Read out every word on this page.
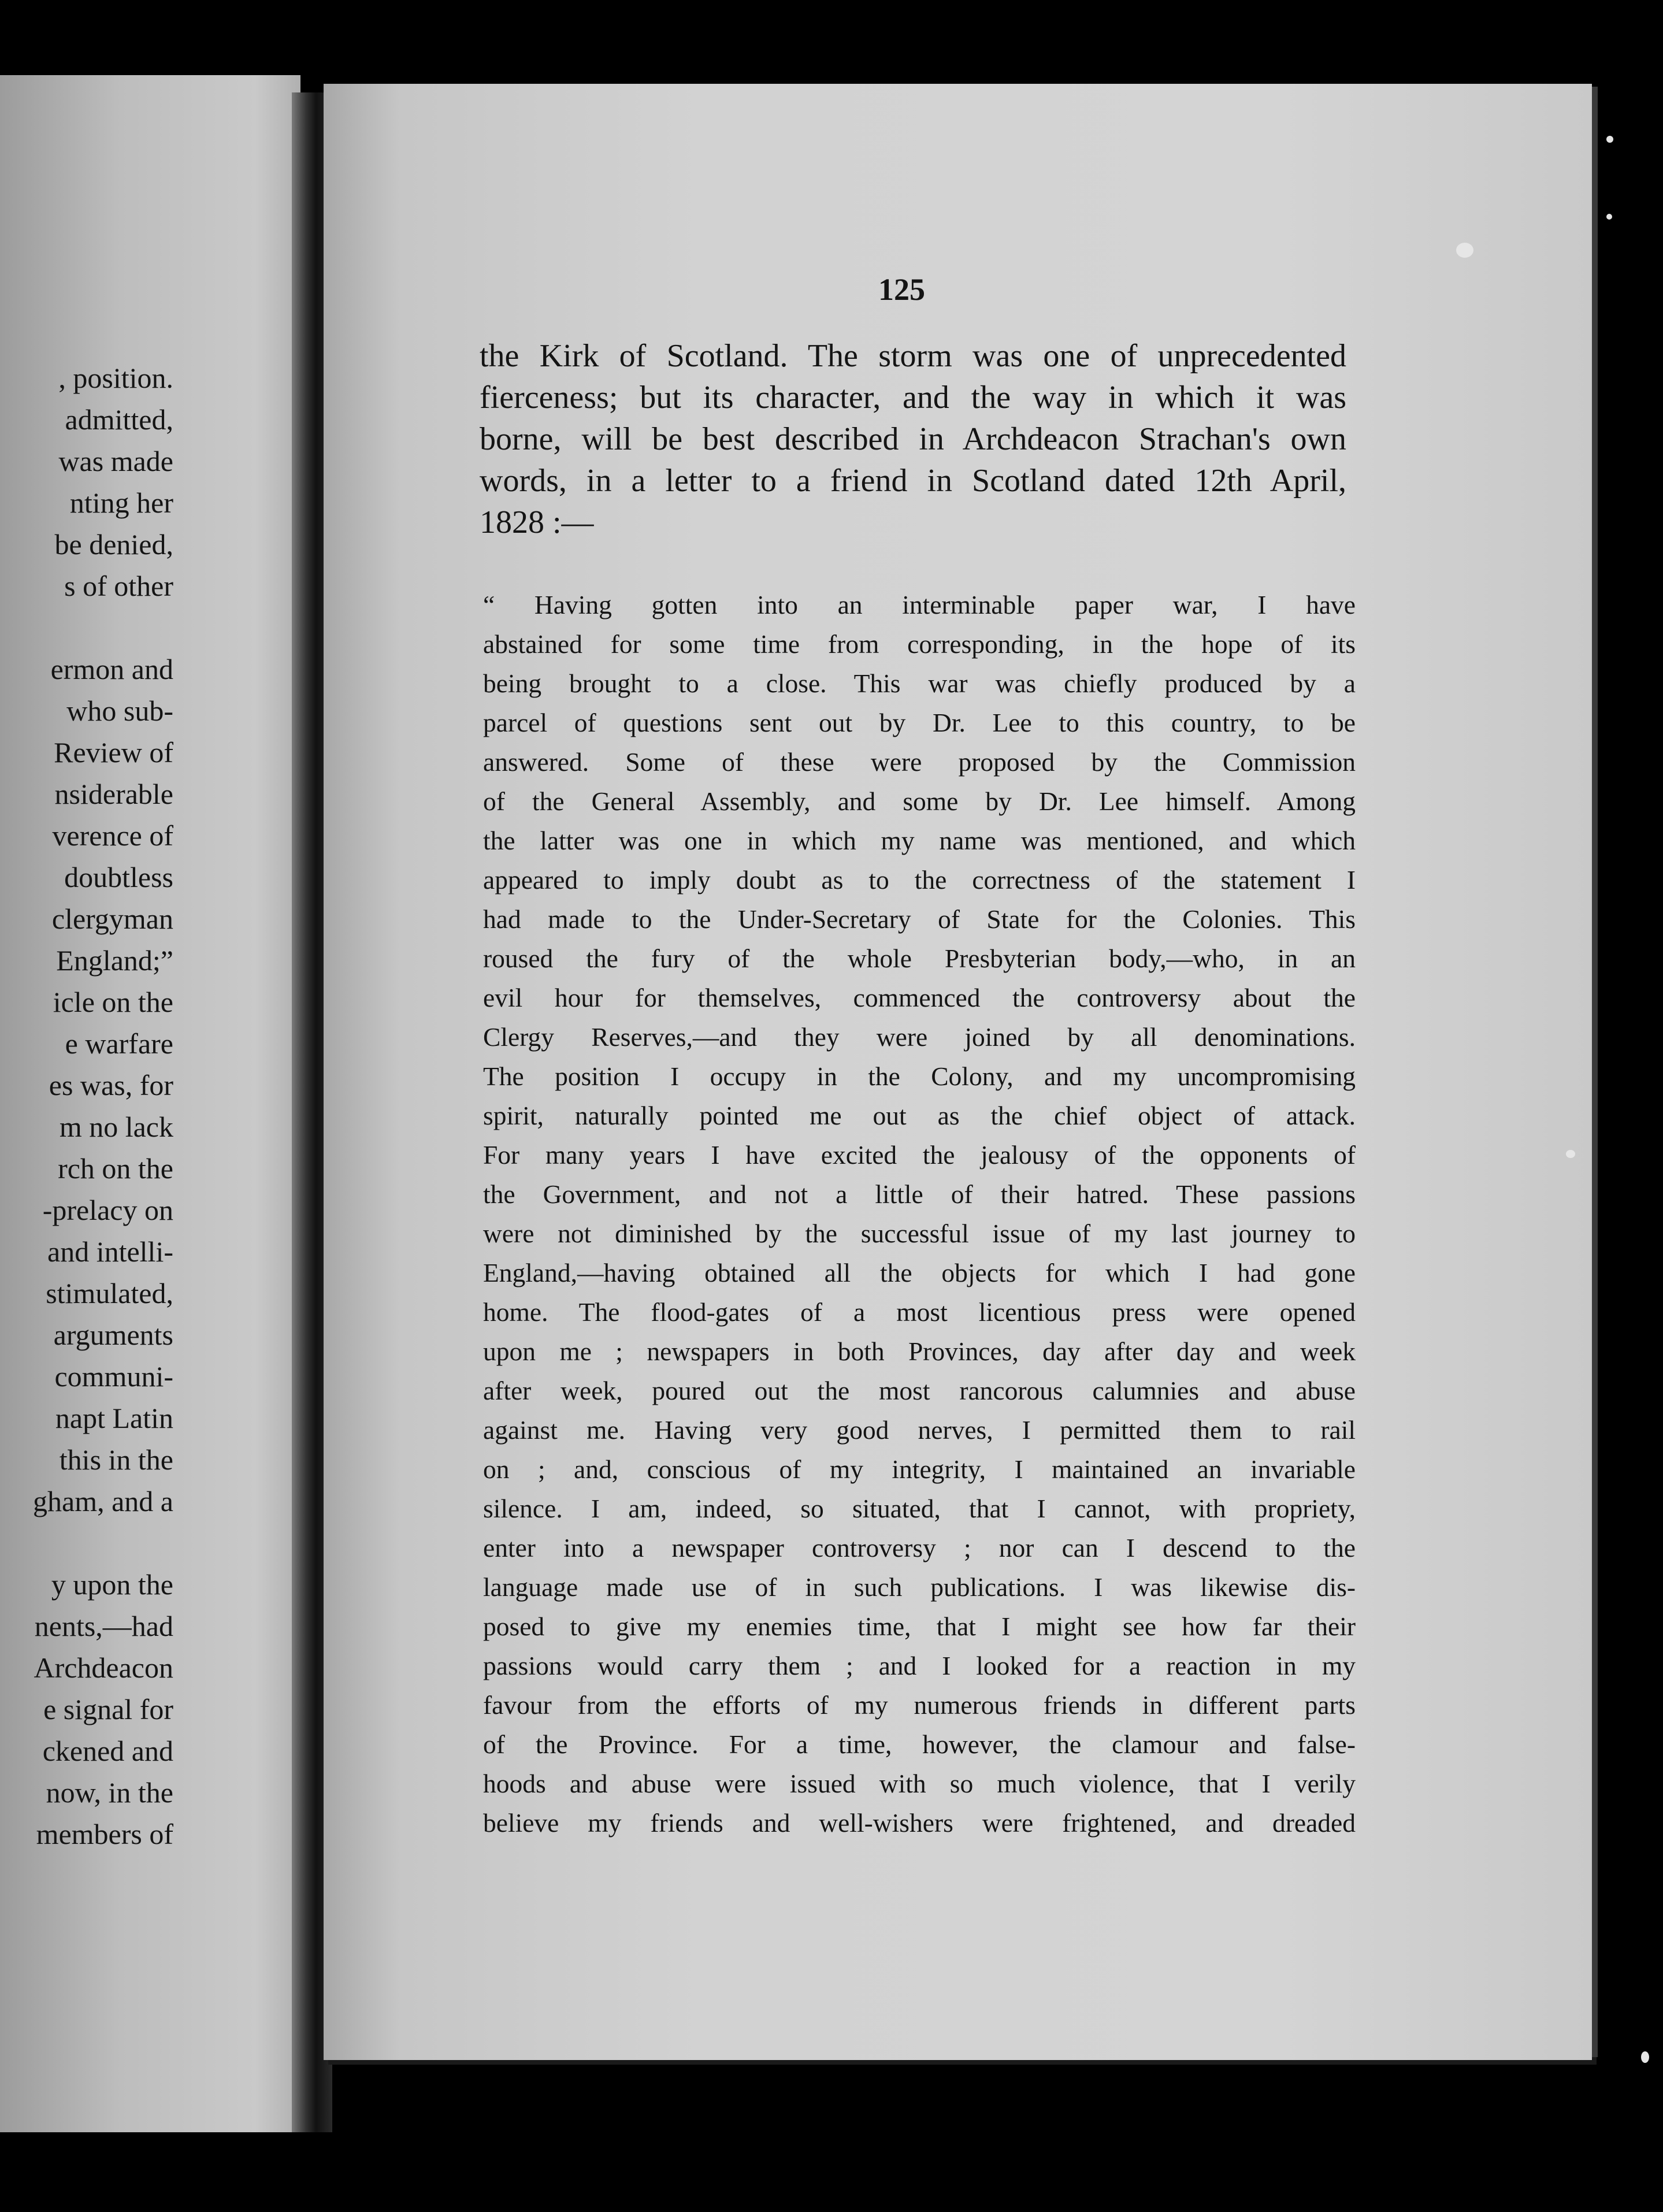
, position.
admitted,
was made
nting her
be denied,
s of other
ermon and
who sub-
Review of
nsiderable
verence of
doubtless
clergyman
England;”
icle on the
e warfare
es was, for
m no lack
rch on the
-prelacy on
and intelli-
stimulated,
arguments
communi-
napt Latin
this in the
gham, and a
y upon the
nents,—had
Archdeacon
e signal for
ckened and
now, in the
members of
125
the Kirk of Scotland. The storm was one of unprecedented
fierceness; but its character, and the way in which it was
borne, will be best described in Archdeacon Strachan's own
words, in a letter to a friend in Scotland dated 12th April,
1828 :—
“ Having gotten into an interminable paper war, I have
abstained for some time from corresponding, in the hope of its
being brought to a close. This war was chiefly produced by a
parcel of questions sent out by Dr. Lee to this country, to be
answered. Some of these were proposed by the Commission
of the General Assembly, and some by Dr. Lee himself. Among
the latter was one in which my name was mentioned, and which
appeared to imply doubt as to the correctness of the statement I
had made to the Under-Secretary of State for the Colonies. This
roused the fury of the whole Presbyterian body,—who, in an
evil hour for themselves, commenced the controversy about the
Clergy Reserves,—and they were joined by all denominations.
The position I occupy in the Colony, and my uncompromising
spirit, naturally pointed me out as the chief object of attack.
For many years I have excited the jealousy of the opponents of
the Government, and not a little of their hatred. These passions
were not diminished by the successful issue of my last journey to
England,—having obtained all the objects for which I had gone
home. The flood-gates of a most licentious press were opened
upon me ; newspapers in both Provinces, day after day and week
after week, poured out the most rancorous calumnies and abuse
against me. Having very good nerves, I permitted them to rail
on ; and, conscious of my integrity, I maintained an invariable
silence. I am, indeed, so situated, that I cannot, with propriety,
enter into a newspaper controversy ; nor can I descend to the
language made use of in such publications. I was likewise dis-
posed to give my enemies time, that I might see how far their
passions would carry them ; and I looked for a reaction in my
favour from the efforts of my numerous friends in different parts
of the Province. For a time, however, the clamour and false-
hoods and abuse were issued with so much violence, that I verily
believe my friends and well-wishers were frightened, and dreaded
